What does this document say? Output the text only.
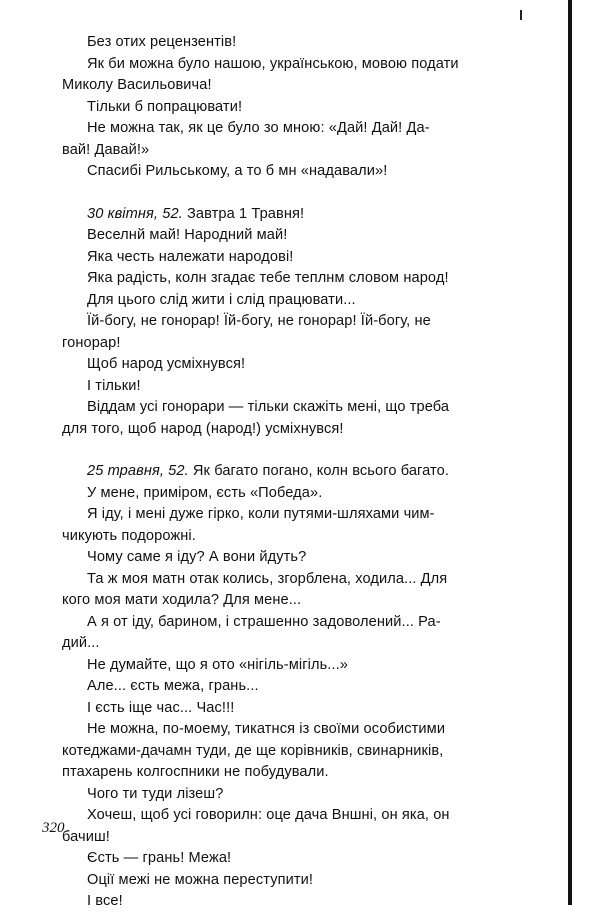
Без отих рецензентів!
Як би можна було нашою, українською, мовою подати
Миколу Васильовича!
Тільки б попрацювати!
Не можна так, як це було зо мною: «Дай! Дай! Да-
вай! Давай!»
Спасибі Рильському, а то б мн «надавали»!
30 квітня, 52. Завтра 1 Травня!
Веселнй май! Народний май!
Яка честь належати народові!
Яка радість, колн згадає тебе теплнм словом народ!
Для цього слід жити і слід працювати...
Їй-богу, не гонорар! Їй-богу, не гонорар! Їй-богу, не
гонорар!
Щоб народ усміхнувся!
І тільки!
Віддам усі гонорари — тільки скажіть мені, що треба
для того, щоб народ (народ!) усміхнувся!
25 травня, 52. Як багато погано, колн всього багато.
У мене, приміром, єсть «Победа».
Я іду, і мені дуже гірко, коли путями-шляхами чим-
чикують подорожні.
Чому саме я іду? А вони йдуть?
Та ж моя матн отак колись, згорблена, ходила... Для
кого моя мати ходила? Для мене...
А я от іду, барином, і страшенно задоволений... Ра-
дий...
Не думайте, що я ото «нігіль-мігіль...»
Але... єсть межа, грань...
І єсть іще час... Час!!!
Не можна, по-моему, тикатнся із своїми особистими
котеджами-дачамн туди, де ще корівників, свинарників,
птахарень колгоспники не побудували.
Чого ти туди лізеш?
Хочеш, щоб усі говорилн: оце дача Вншні, он яка, он
бачиш!
Єсть — грань! Межа!
Оції межі не можна переступити!
І все!
320
